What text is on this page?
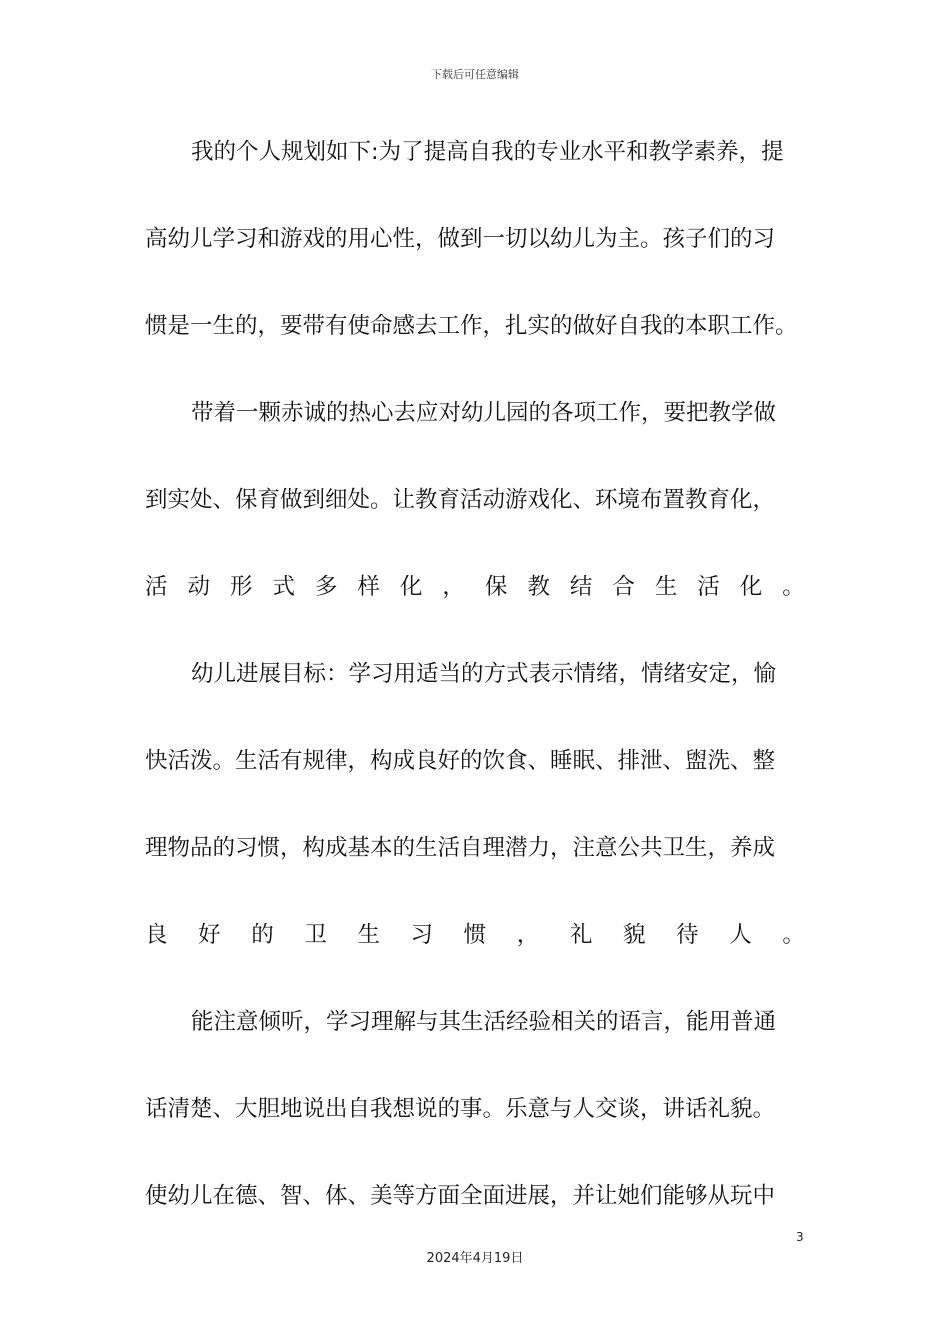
下载后可任意编辑
我的个人规划如下:为了提高自我的专业水平和教学素养，提
高幼儿学习和游戏的用心性，做到一切以幼儿为主。孩子们的习
惯是一生的，要带有使命感去工作，扎实的做好自我的本职工作。
带着一颗赤诚的热心去应对幼儿园的各项工作，要把教学做
到实处、保育做到细处。让教育活动游戏化、环境布置教育化，
活 动 形 式 多 样 化 ， 保 教 结 合 生 活 化 。
幼儿进展目标：学习用适当的方式表示情绪，情绪安定，愉
快活泼。生活有规律，构成良好的饮食、睡眠、排泄、盥洗、整
理物品的习惯，构成基本的生活自理潜力，注意公共卫生，养成
良 好 的 卫 生 习 惯 ， 礼 貌 待 人 。
能注意倾听，学习理解与其生活经验相关的语言，能用普通
话清楚、大胆地说出自我想说的事。乐意与人交谈，讲话礼貌。
使幼儿在德、智、体、美等方面全面进展，并让她们能够从玩中
3
2024年4月19日
